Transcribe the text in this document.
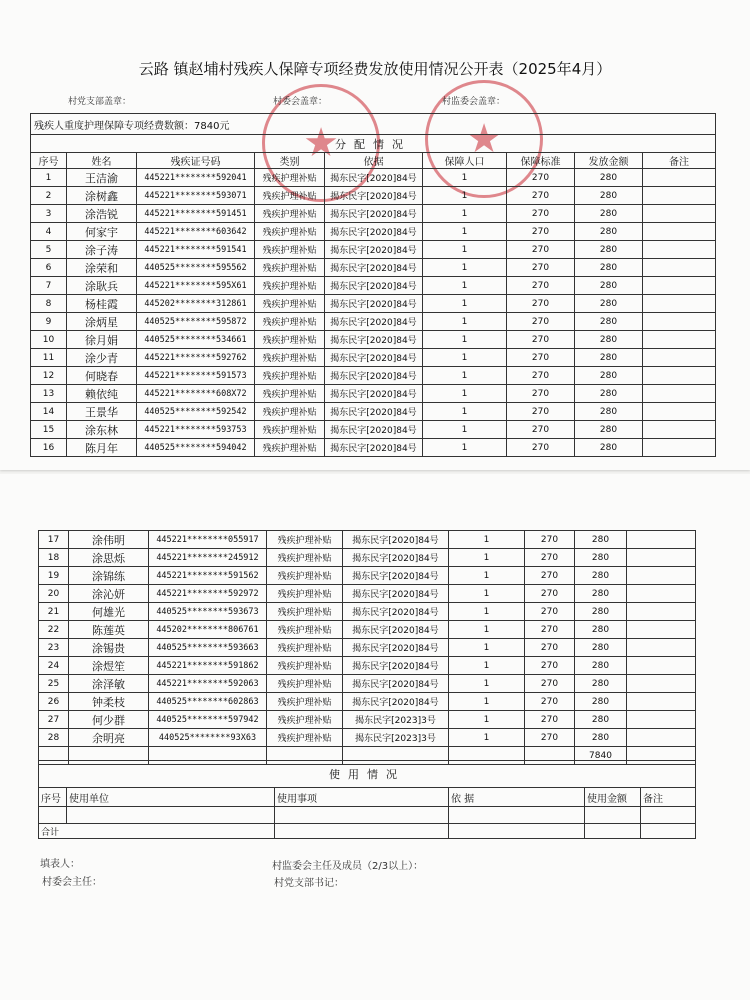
云路 镇赵埔村残疾人保障专项经费发放使用情况公开表（2025年4月）
★	★
村党支部盖章：	村委会盖章：	村监委会盖章：
残疾人重度护理保障专项经费数额：7840元								
分配情况								
序号	姓名	残疾证号码	类别	依据	保障人口	保障标准	发放金额	备注
1	王洁渝	445221********592041	残疾护理补贴	揭东民字[2020]84号	1	270	280	
2	涂树鑫	445221********593071	残疾护理补贴	揭东民字[2020]84号	1	270	280	
3	涂浩锐	445221********591451	残疾护理补贴	揭东民字[2020]84号	1	270	280	
4	何家宇	445221********603642	残疾护理补贴	揭东民字[2020]84号	1	270	280	
5	涂子涛	445221********591541	残疾护理补贴	揭东民字[2020]84号	1	270	280	
6	涂荣和	440525********595562	残疾护理补贴	揭东民字[2020]84号	1	270	280	
7	涂耿兵	445221********595X61	残疾护理补贴	揭东民字[2020]84号	1	270	280	
8	杨桂霞	445202********312861	残疾护理补贴	揭东民字[2020]84号	1	270	280	
9	涂炳星	440525********595872	残疾护理补贴	揭东民字[2020]84号	1	270	280	
10	徐月娟	440525********534661	残疾护理补贴	揭东民字[2020]84号	1	270	280	
11	涂少青	445221********592762	残疾护理补贴	揭东民字[2020]84号	1	270	280	
12	何晓春	445221********591573	残疾护理补贴	揭东民字[2020]84号	1	270	280	
13	赖依纯	445221********608X72	残疾护理补贴	揭东民字[2020]84号	1	270	280	
14	王景华	440525********592542	残疾护理补贴	揭东民字[2020]84号	1	270	280	
15	涂东林	445221********593753	残疾护理补贴	揭东民字[2020]84号	1	270	280	
16	陈月年	440525********594042	残疾护理补贴	揭东民字[2020]84号	1	270	280	
17	涂伟明	445221********055917	残疾护理补贴	揭东民字[2020]84号	1	270	280	
18	涂思烁	445221********245912	残疾护理补贴	揭东民字[2020]84号	1	270	280	
19	涂锦练	445221********591562	残疾护理补贴	揭东民字[2020]84号	1	270	280	
20	涂沁妍	445221********592972	残疾护理补贴	揭东民字[2020]84号	1	270	280	
21	何雄光	440525********593673	残疾护理补贴	揭东民字[2020]84号	1	270	280	
22	陈莲英	445202********806761	残疾护理补贴	揭东民字[2020]84号	1	270	280	
23	涂锡贵	440525********593663	残疾护理补贴	揭东民字[2020]84号	1	270	280	
24	涂煜笙	445221********591862	残疾护理补贴	揭东民字[2020]84号	1	270	280	
25	涂泽敏	445221********592063	残疾护理补贴	揭东民字[2020]84号	1	270	280	
26	钟柔枝	440525********602863	残疾护理补贴	揭东民字[2020]84号	1	270	280	
27	何少群	440525********597942	残疾护理补贴	揭东民字[2023]3号	1	270	280	
28	余明亮	440525********93X63	残疾护理补贴	揭东民字[2023]3号	1	270	280	
							7840	
使用情况					
序号	使用单位	使用事项	依 据	使用金额	备注

合计					
填表人：
村委会主任：
村监委会主任及成员（2/3以上）：
村党支部书记：
